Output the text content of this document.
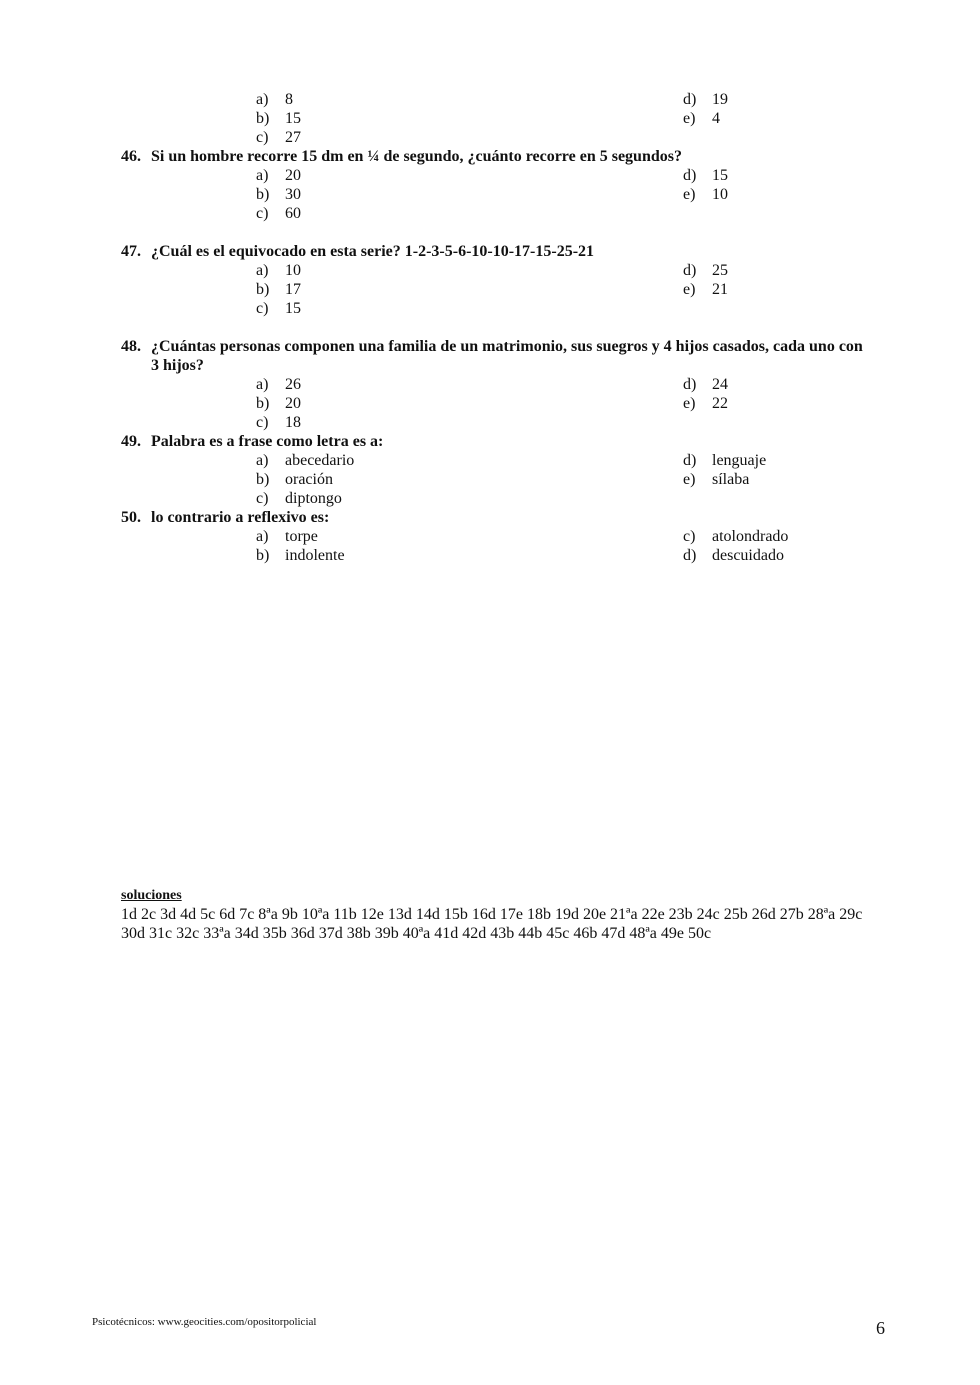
a) 8
b) 15
c) 27
d) 19
e) 4
46. Si un hombre recorre 15 dm en ¼ de segundo, ¿cuánto recorre en 5 segundos?
a) 20
b) 30
c) 60
d) 15
e) 10
47. ¿Cuál es el equivocado en esta serie? 1-2-3-5-6-10-10-17-15-25-21
a) 10
b) 17
c) 15
d) 25
e) 21
48. ¿Cuántas personas componen una familia de un matrimonio, sus suegros y 4 hijos casados, cada uno con
3 hijos?
a) 26
b) 20
c) 18
d) 24
e) 22
49. Palabra es a frase como letra es a:
a) abecedario
b) oración
c) diptongo
d) lenguaje
e) sílaba
50. lo contrario a reflexivo es:
a) torpe
b) indolente
c) atolondrado
d) descuidado
soluciones
1d 2c 3d 4d 5c 6d 7c 8ªa 9b 10ªa 11b 12e 13d 14d 15b 16d 17e 18b 19d 20e 21ªa 22e 23b 24c 25b 26d 27b 28ªa 29c
30d 31c 32c 33ªa 34d 35b 36d 37d 38b 39b 40ªa 41d 42d 43b 44b 45c 46b 47d 48ªa 49e 50c
Psicotécnicos: www.geocities.com/opositorpolicial	6
